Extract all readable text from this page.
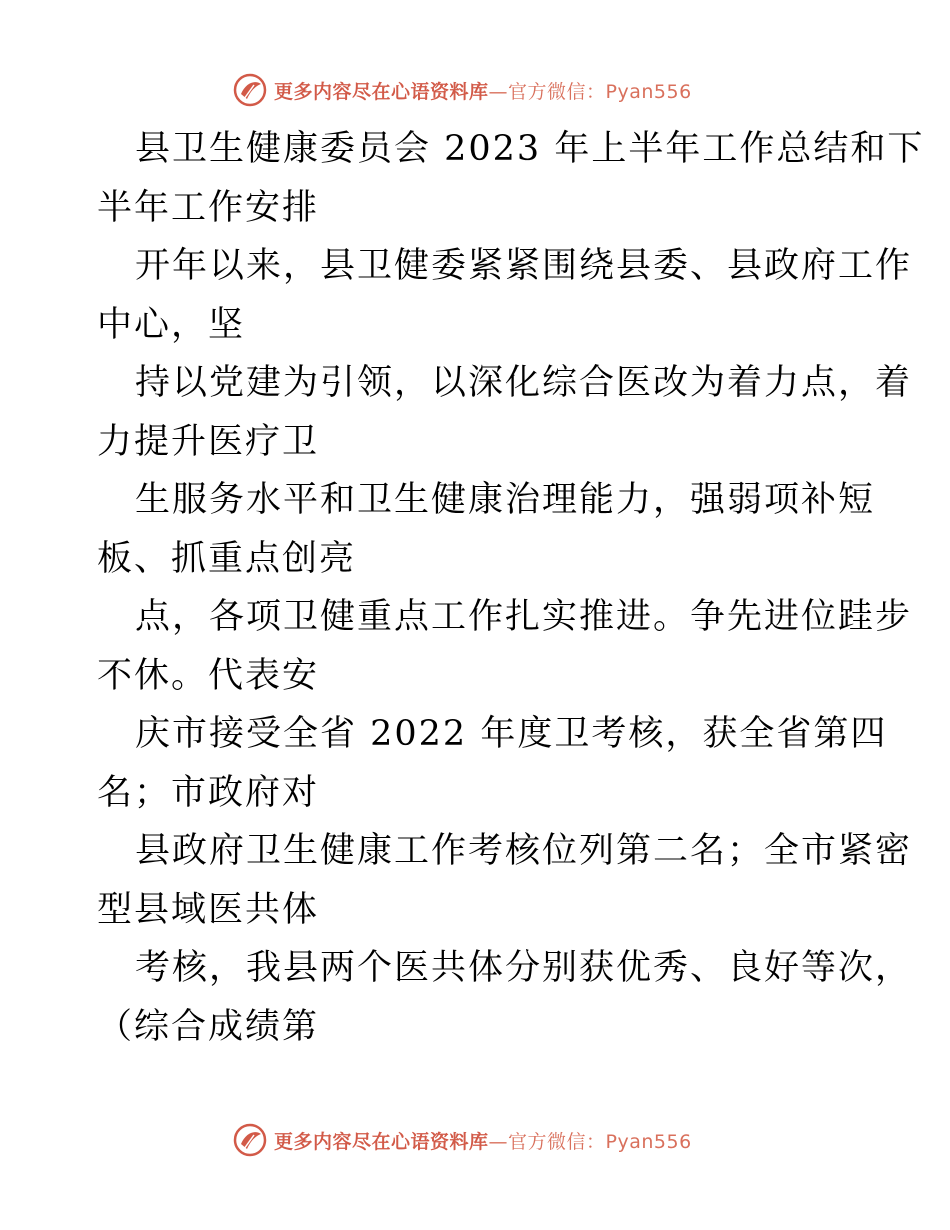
更多内容尽在心语资料库—官方微信：Pyan556

县卫生健康委员会 2023 年上半年工作总结和下

半年工作安排

开年以来，县卫健委紧紧围绕县委、县政府工作

中心，坚

持以党建为引领，以深化综合医改为着力点，着

力提升医疗卫

生服务水平和卫生健康治理能力，强弱项补短

板、抓重点创亮

点，各项卫健重点工作扎实推进。争先进位跬步

不休。代表安

庆市接受全省 2022 年度卫考核，获全省第四

名；市政府对

县政府卫生健康工作考核位列第二名；全市紧密

型县域医共体

考核，我县两个医共体分别获优秀、良好等次，

（综合成绩第

更多内容尽在心语资料库—官方微信：Pyan556
